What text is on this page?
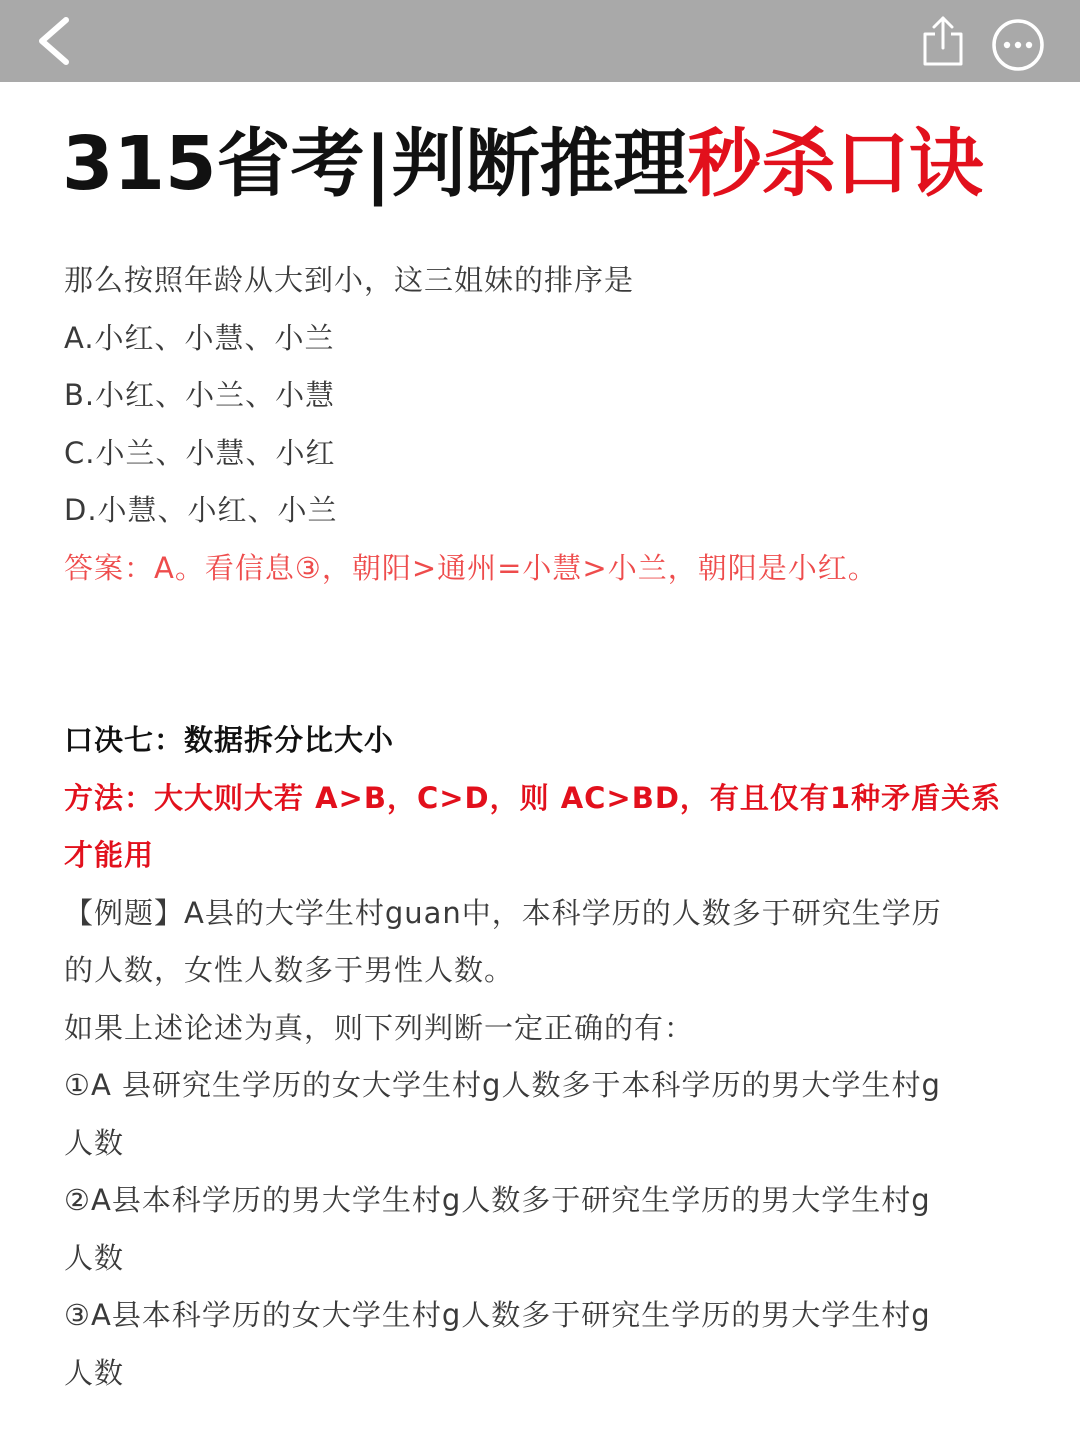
315省考|判断推理秒杀口诀
那么按照年龄从大到小，这三姐妹的排序是
A.小红、小慧、小兰
B.小红、小兰、小慧
C.小兰、小慧、小红
D.小慧、小红、小兰
答案：A。看信息③，朝阳>通州=小慧>小兰，朝阳是小红。
口决七：数据拆分比大小
方法：大大则大若 A>B，C>D，则 AC>BD，有且仅有1种矛盾关系
才能用
【例题】A县的大学生村guan中，本科学历的人数多于研究生学历
的人数，女性人数多于男性人数。
如果上述论述为真，则下列判断一定正确的有：
①A 县研究生学历的女大学生村g人数多于本科学历的男大学生村g
人数
②A县本科学历的男大学生村g人数多于研究生学历的男大学生村g
人数
③A县本科学历的女大学生村g人数多于研究生学历的男大学生村g
人数
